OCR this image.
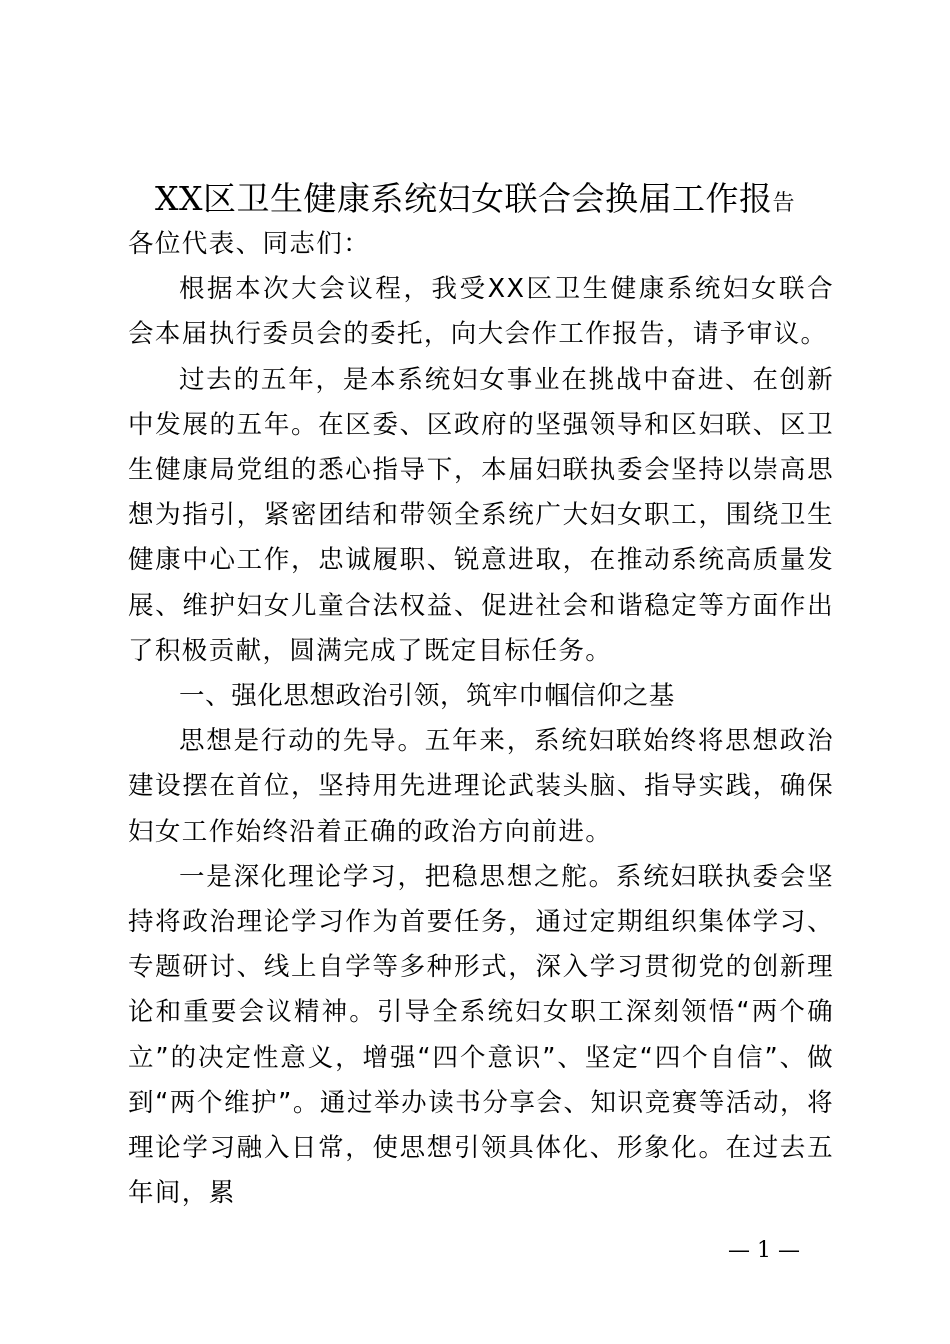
XX区卫生健康系统妇女联合会换届工作报告

各位代表、同志们：

根据本次大会议程，我受XX区卫生健康系统妇女联合会本届执行委员会的委托，向大会作工作报告，请予审议。

过去的五年，是本系统妇女事业在挑战中奋进、在创新中发展的五年。在区委、区政府的坚强领导和区妇联、区卫生健康局党组的悉心指导下，本届妇联执委会坚持以崇高思想为指引，紧密团结和带领全系统广大妇女职工，围绕卫生健康中心工作，忠诚履职、锐意进取，在推动系统高质量发展、维护妇女儿童合法权益、促进社会和谐稳定等方面作出了积极贡献，圆满完成了既定目标任务。

一、强化思想政治引领，筑牢巾帼信仰之基

思想是行动的先导。五年来，系统妇联始终将思想政治建设摆在首位，坚持用先进理论武装头脑、指导实践，确保妇女工作始终沿着正确的政治方向前进。

一是深化理论学习，把稳思想之舵。系统妇联执委会坚持将政治理论学习作为首要任务，通过定期组织集体学习、专题研讨、线上自学等多种形式，深入学习贯彻党的创新理论和重要会议精神。引导全系统妇女职工深刻领悟“两个确立”的决定性意义，增强“四个意识”、坚定“四个自信”、做到“两个维护”。通过举办读书分享会、知识竞赛等活动，将理论学习融入日常，使思想引领具体化、形象化。在过去五年间，累

— 1 —
